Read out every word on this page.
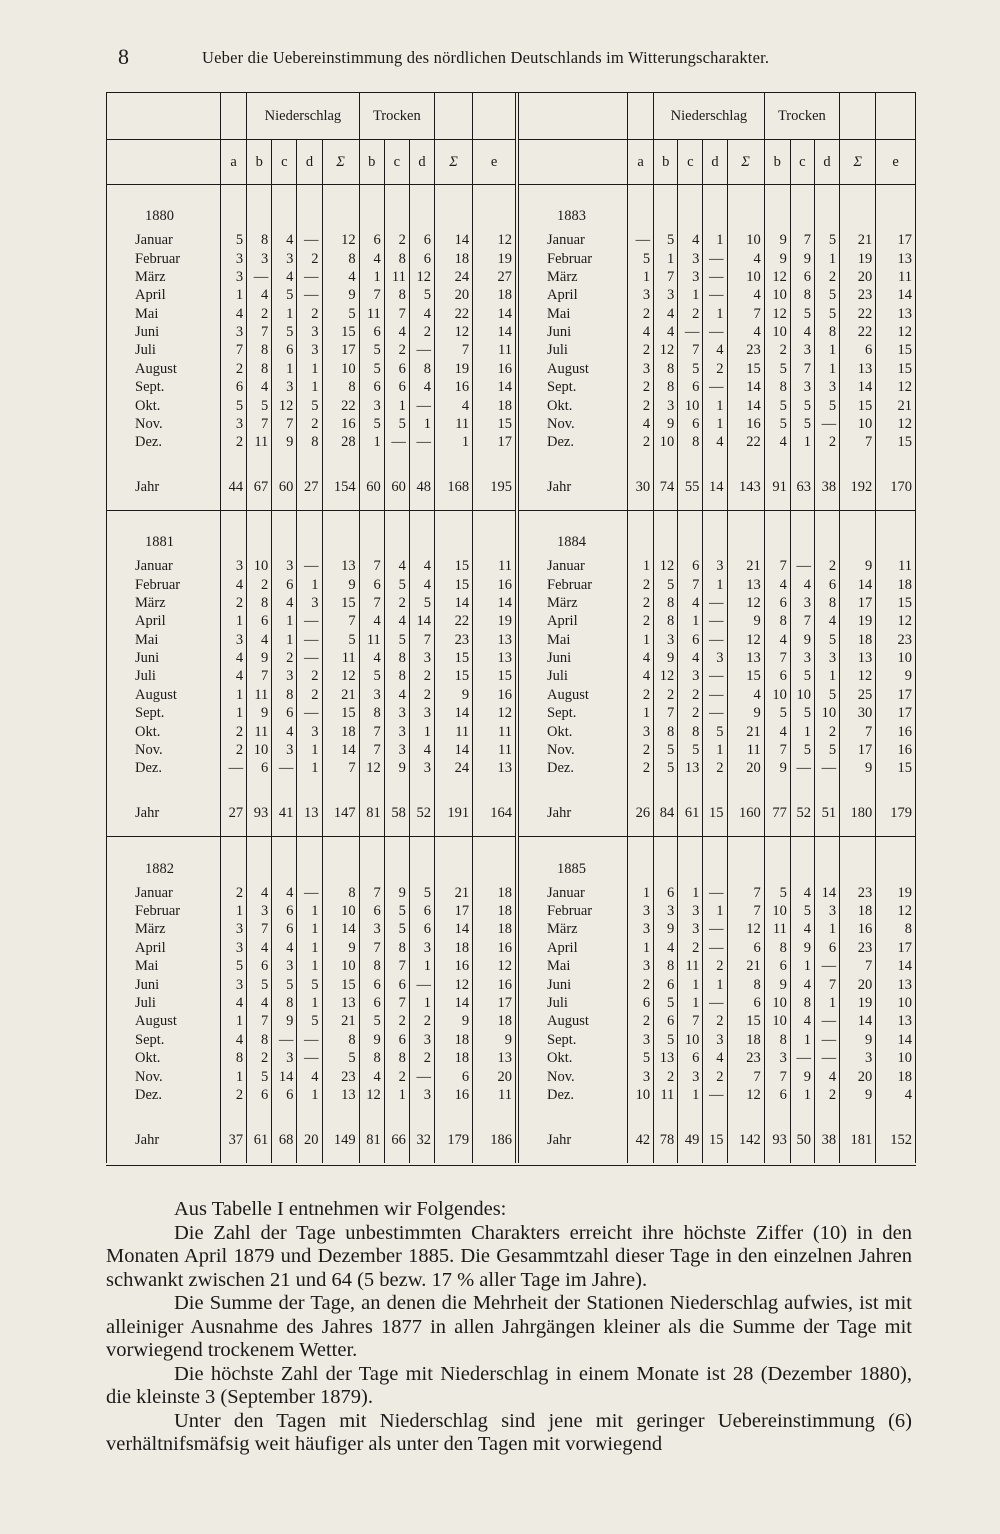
8	Ueber die Uebereinstimmung des nördlichen Deutschlands im Witterungscharakter.
		Niederschlag				Trocken				
	a	b	c	d	Σ	b	c	d	Σ	e
1880										
Januar	5	8	4	—	12	6	2	6	14	12
Februar	3	3	3	2	8	4	8	6	18	19
März	3	—	4	—	4	1	11	12	24	27
April	1	4	5	—	9	7	8	5	20	18
Mai	4	2	1	2	5	11	7	4	22	14
Juni	3	7	5	3	15	6	4	2	12	14
Juli	7	8	6	3	17	5	2	—	7	11
August	2	8	1	1	10	5	6	8	19	16
Sept.	6	4	3	1	8	6	6	4	16	14
Okt.	5	5	12	5	22	3	1	—	4	18
Nov.	3	7	7	2	16	5	5	1	11	15
Dez.	2	11	9	8	28	1	—	—	1	17

Jahr	44	67	60	27	154	60	60	48	168	195

1881										
Januar	3	10	3	—	13	7	4	4	15	11
Februar	4	2	6	1	9	6	5	4	15	16
März	2	8	4	3	15	7	2	5	14	14
April	1	6	1	—	7	4	4	14	22	19
Mai	3	4	1	—	5	11	5	7	23	13
Juni	4	9	2	—	11	4	8	3	15	13
Juli	4	7	3	2	12	5	8	2	15	15
August	1	11	8	2	21	3	4	2	9	16
Sept.	1	9	6	—	15	8	3	3	14	12
Okt.	2	11	4	3	18	7	3	1	11	11
Nov.	2	10	3	1	14	7	3	4	14	11
Dez.	—	6	—	1	7	12	9	3	24	13

Jahr	27	93	41	13	147	81	58	52	191	164

1882										
Januar	2	4	4	—	8	7	9	5	21	18
Februar	1	3	6	1	10	6	5	6	17	18
März	3	7	6	1	14	3	5	6	14	18
April	3	4	4	1	9	7	8	3	18	16
Mai	5	6	3	1	10	8	7	1	16	12
Juni	3	5	5	5	15	6	6	—	12	16
Juli	4	4	8	1	13	6	7	1	14	17
August	1	7	9	5	21	5	2	2	9	18
Sept.	4	8	—	—	8	9	6	3	18	9
Okt.	8	2	3	—	5	8	8	2	18	13
Nov.	1	5	14	4	23	4	2	—	6	20
Dez.	2	6	6	1	13	12	1	3	16	11

Jahr	37	61	68	20	149	81	66	32	179	186

		Niederschlag				Trocken				
	a	b	c	d	Σ	b	c	d	Σ	e
1883										
Januar	—	5	4	1	10	9	7	5	21	17
Februar	5	1	3	—	4	9	9	1	19	13
März	1	7	3	—	10	12	6	2	20	11
April	3	3	1	—	4	10	8	5	23	14
Mai	2	4	2	1	7	12	5	5	22	13
Juni	4	4	—	—	4	10	4	8	22	12
Juli	2	12	7	4	23	2	3	1	6	15
August	3	8	5	2	15	5	7	1	13	15
Sept.	2	8	6	—	14	8	3	3	14	12
Okt.	2	3	10	1	14	5	5	5	15	21
Nov.	4	9	6	1	16	5	5	—	10	12
Dez.	2	10	8	4	22	4	1	2	7	15

Jahr	30	74	55	14	143	91	63	38	192	170

1884										
Januar	1	12	6	3	21	7	—	2	9	11
Februar	2	5	7	1	13	4	4	6	14	18
März	2	8	4	—	12	6	3	8	17	15
April	2	8	1	—	9	8	7	4	19	12
Mai	1	3	6	—	12	4	9	5	18	23
Juni	4	9	4	3	13	7	3	3	13	10
Juli	4	12	3	—	15	6	5	1	12	9
August	2	2	2	—	4	10	10	5	25	17
Sept.	1	7	2	—	9	5	5	10	30	17
Okt.	3	8	8	5	21	4	1	2	7	16
Nov.	2	5	5	1	11	7	5	5	17	16
Dez.	2	5	13	2	20	9	—	—	9	15

Jahr	26	84	61	15	160	77	52	51	180	179

1885										
Januar	1	6	1	—	7	5	4	14	23	19
Februar	3	3	3	1	7	10	5	3	18	12
März	3	9	3	—	12	11	4	1	16	8
April	1	4	2	—	6	8	9	6	23	17
Mai	3	8	11	2	21	6	1	—	7	14
Juni	2	6	1	1	8	9	4	7	20	13
Juli	6	5	1	—	6	10	8	1	19	10
August	2	6	7	2	15	10	4	—	14	13
Sept.	3	5	10	3	18	8	1	—	9	14
Okt.	5	13	6	4	23	3	—	—	3	10
Nov.	3	2	3	2	7	7	9	4	20	18
Dez.	10	11	1	—	12	6	1	2	9	4

Jahr	42	78	49	15	142	93	50	38	181	152

Aus Tabelle I entnehmen wir Folgendes:

Die Zahl der Tage unbestimmten Charakters erreicht ihre höchste Ziffer (10) in den Monaten April 1879 und Dezember 1885. Die Gesammtzahl dieser Tage in den einzelnen Jahren schwankt zwischen 21 und 64 (5 bezw. 17 % aller Tage im Jahre).

Die Summe der Tage, an denen die Mehrheit der Stationen Niederschlag aufwies, ist mit alleiniger Ausnahme des Jahres 1877 in allen Jahrgängen kleiner als die Summe der Tage mit vorwiegend trockenem Wetter.

Die höchste Zahl der Tage mit Niederschlag in einem Monate ist 28 (Dezember 1880), die kleinste 3 (September 1879).

Unter den Tagen mit Niederschlag sind jene mit geringer Uebereinstimmung (6) verhältnifsmäfsig weit häufiger als unter den Tagen mit vorwiegend
